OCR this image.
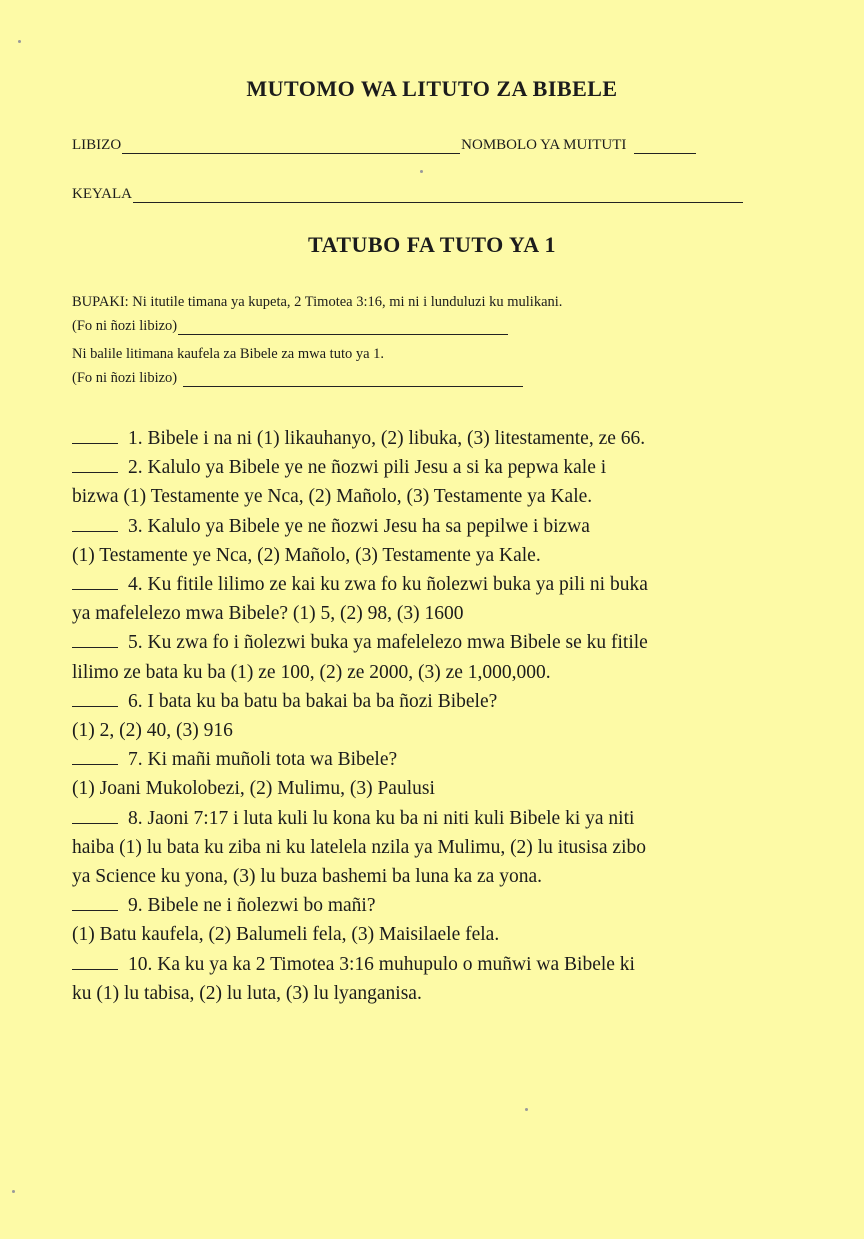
MUTOMO WA LITUTO ZA BIBELE
LIBIZO	NOMBOLO YA MUITUTI
KEYALA
TATUBO FA TUTO YA 1
BUPAKI: Ni itutile timana ya kupeta, 2 Timotea 3:16, mi ni i lunduluzi ku mulikani.
(Fo ni ñozi libizo)
Ni balile litimana kaufela za Bibele za mwa tuto ya 1.
(Fo ni ñozi libizo)
1. Bibele i na ni (1) likauhanyo, (2) libuka, (3) litestamente, ze 66.
2. Kalulo ya Bibele ye ne ñozwi pili Jesu a si ka pepwa kale i
bizwa (1) Testamente ye Nca, (2) Mañolo, (3) Testamente ya Kale.
3. Kalulo ya Bibele ye ne ñozwi Jesu ha sa pepilwe i bizwa
(1) Testamente ye Nca, (2) Mañolo, (3) Testamente ya Kale.
4. Ku fitile lilimo ze kai ku zwa fo ku ñolezwi buka ya pili ni buka
ya mafelelezo mwa Bibele? (1) 5, (2) 98, (3) 1600
5. Ku zwa fo i ñolezwi buka ya mafelelezo mwa Bibele se ku fitile
lilimo ze bata ku ba (1) ze 100, (2) ze 2000, (3) ze 1,000,000.
6. I bata ku ba batu ba bakai ba ba ñozi Bibele?
(1) 2, (2) 40, (3) 916
7. Ki mañi muñoli tota wa Bibele?
(1) Joani Mukolobezi, (2) Mulimu, (3) Paulusi
8. Jaoni 7:17 i luta kuli lu kona ku ba ni niti kuli Bibele ki ya niti
haiba (1) lu bata ku ziba ni ku latelela nzila ya Mulimu, (2) lu itusisa zibo
ya Science ku yona, (3) lu buza bashemi ba luna ka za yona.
9. Bibele ne i ñolezwi bo mañi?
(1) Batu kaufela, (2) Balumeli fela, (3) Maisilaele fela.
10. Ka ku ya ka 2 Timotea 3:16 muhupulo o muñwi wa Bibele ki
ku (1) lu tabisa, (2) lu luta, (3) lu lyanganisa.
